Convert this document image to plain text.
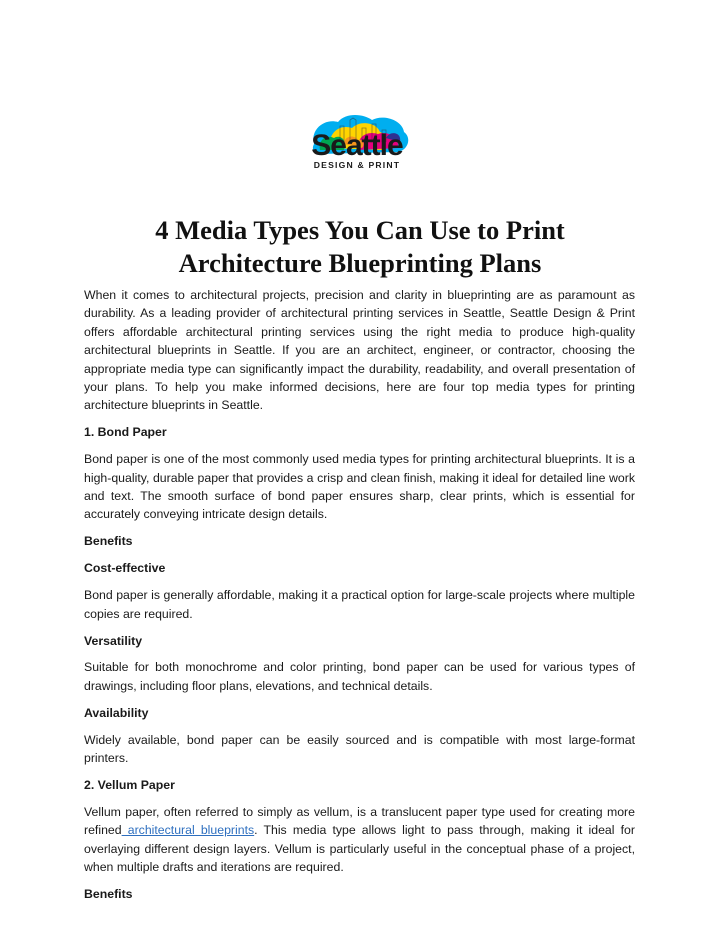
Seattle
DESIGN & PRINT
4 Media Types You Can Use to Print
Architecture Blueprinting Plans

When it comes to architectural projects, precision and clarity in blueprinting are as paramount as durability. As a leading provider of architectural printing services in Seattle, Seattle Design & Print offers affordable architectural printing services using the right media to produce high-quality architectural blueprints in Seattle. If you are an architect, engineer, or contractor, choosing the appropriate media type can significantly impact the durability, readability, and overall presentation of your plans. To help you make informed decisions, here are four top media types for printing architecture blueprints in Seattle.

1. Bond Paper

Bond paper is one of the most commonly used media types for printing architectural blueprints. It is a high-quality, durable paper that provides a crisp and clean finish, making it ideal for detailed line work and text. The smooth surface of bond paper ensures sharp, clear prints, which is essential for accurately conveying intricate design details.

Benefits

Cost-effective

Bond paper is generally affordable, making it a practical option for large-scale projects where multiple copies are required.

Versatility

Suitable for both monochrome and color printing, bond paper can be used for various types of drawings, including floor plans, elevations, and technical details.

Availability

Widely available, bond paper can be easily sourced and is compatible with most large-format printers.

2. Vellum Paper

Vellum paper, often referred to simply as vellum, is a translucent paper type used for creating more refined architectural blueprints. This media type allows light to pass through, making it ideal for overlaying different design layers. Vellum is particularly useful in the conceptual phase of a project, when multiple drafts and iterations are required.

Benefits
